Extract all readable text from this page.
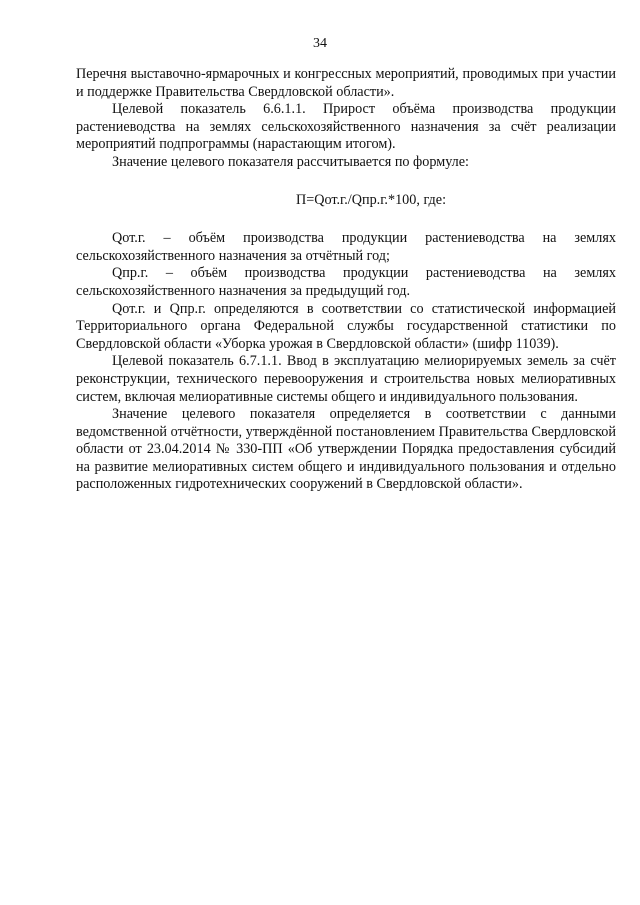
34

Перечня выставочно-ярмарочных и конгрессных мероприятий, проводимых при участии и поддержке Правительства Свердловской области».

Целевой показатель 6.6.1.1. Прирост объёма производства продукции растениеводства на землях сельскохозяйственного назначения за счёт реализации мероприятий подпрограммы (нарастающим итогом).

Значение целевого показателя рассчитывается по формуле:

П=Qот.г./Qпр.г.*100, где:

Qот.г. – объём производства продукции растениеводства на землях сельскохозяйственного назначения за отчётный год;

Qпр.г. – объём производства продукции растениеводства на землях сельскохозяйственного назначения за предыдущий год.

Qот.г. и Qпр.г. определяются в соответствии со статистической информацией Территориального органа Федеральной службы государственной статистики по Свердловской области «Уборка урожая в Свердловской области» (шифр 11039).

Целевой показатель 6.7.1.1. Ввод в эксплуатацию мелиорируемых земель за счёт реконструкции, технического перевооружения и строительства новых мелиоративных систем, включая мелиоративные системы общего и индивидуального пользования.

Значение целевого показателя определяется в соответствии с данными ведомственной отчётности, утверждённой постановлением Правительства Свердловской области от 23.04.2014 № 330-ПП «Об утверждении Порядка предоставления субсидий на развитие мелиоративных систем общего и индивидуального пользования и отдельно расположенных гидротехнических сооружений в Свердловской области».
